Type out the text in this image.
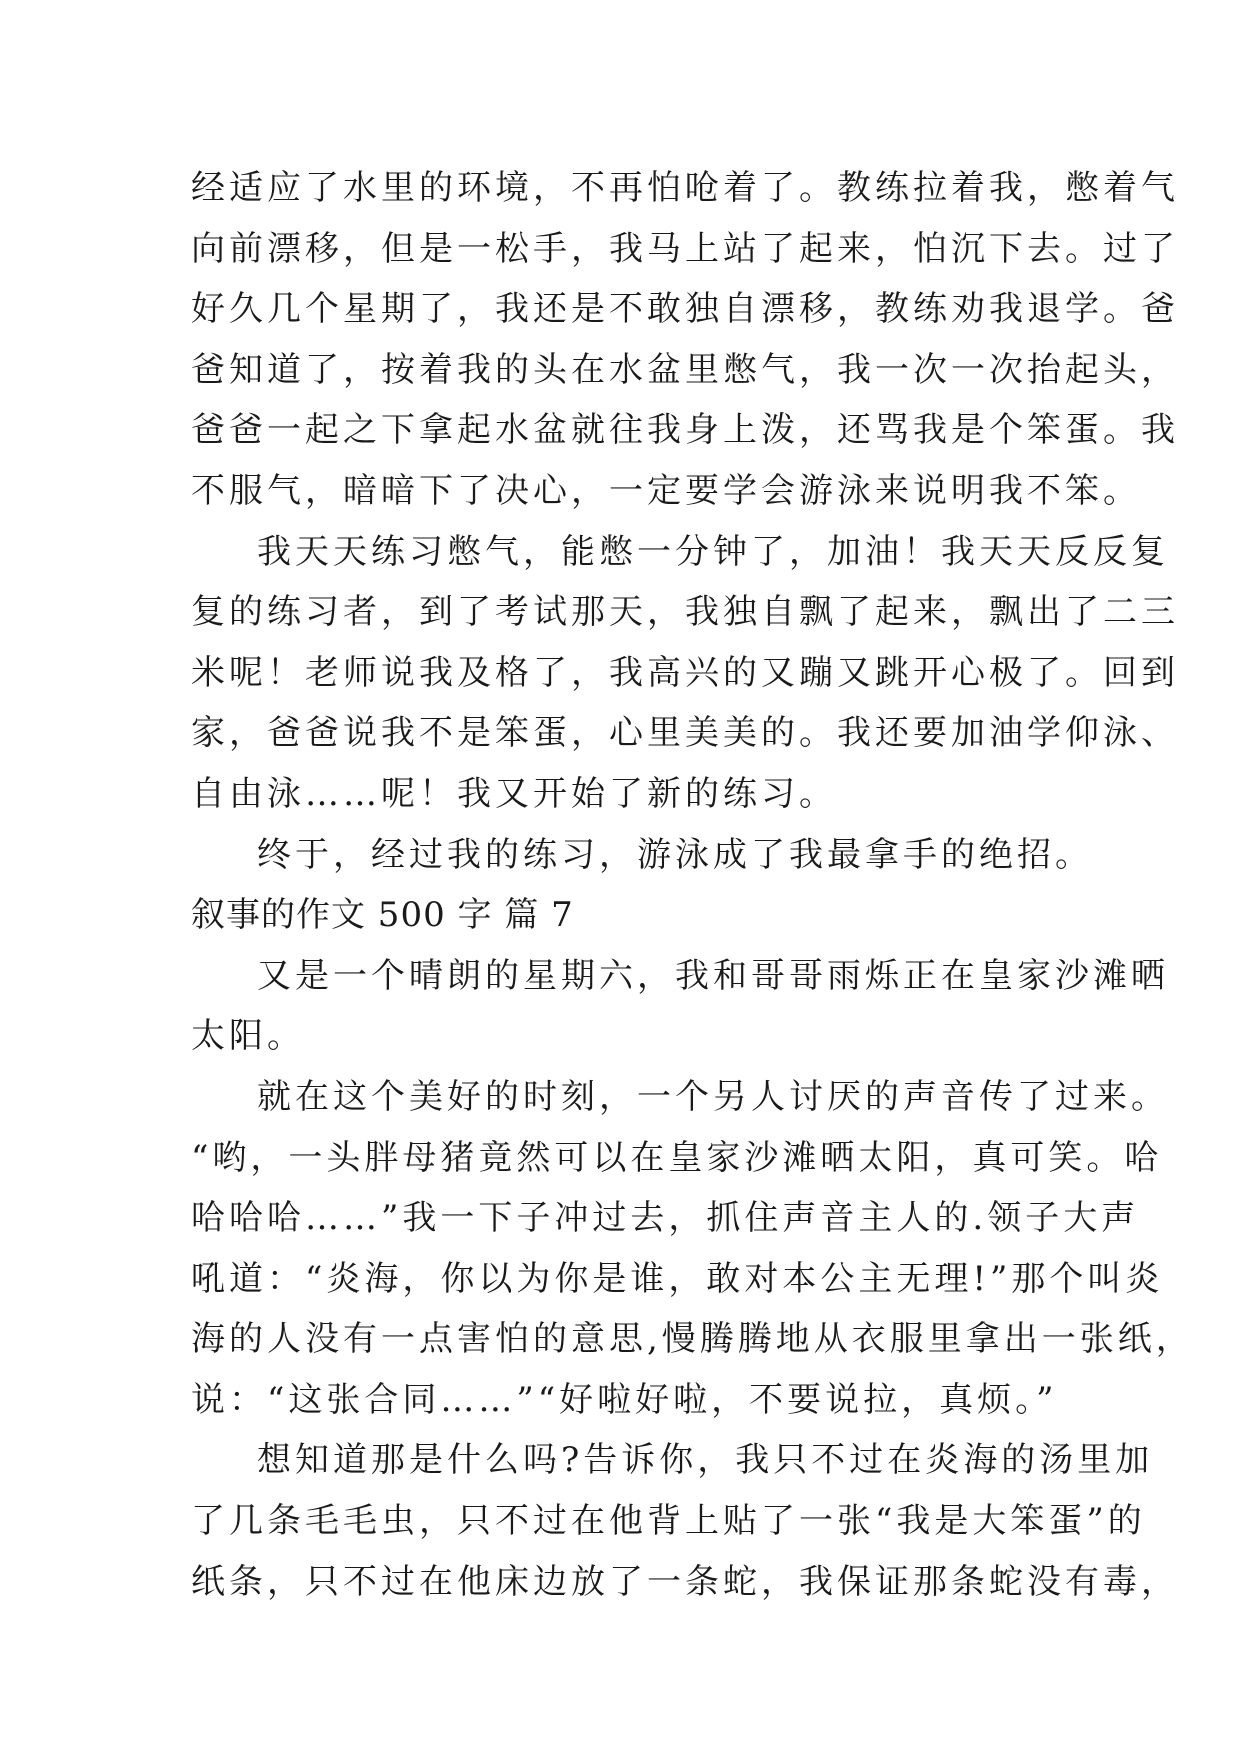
经适应了水里的环境，不再怕呛着了。教练拉着我，憋着气
向前漂移，但是一松手，我马上站了起来，怕沉下去。过了
好久几个星期了，我还是不敢独自漂移，教练劝我退学。爸
爸知道了，按着我的头在水盆里憋气，我一次一次抬起头，
爸爸一起之下拿起水盆就往我身上泼，还骂我是个笨蛋。我
不服气，暗暗下了决心，一定要学会游泳来说明我不笨。
我天天练习憋气，能憋一分钟了，加油！我天天反反复
复的练习者，到了考试那天，我独自飘了起来，飘出了二三
米呢！老师说我及格了，我高兴的又蹦又跳开心极了。回到
家，爸爸说我不是笨蛋，心里美美的。我还要加油学仰泳、
自由泳……呢！我又开始了新的练习。
终于，经过我的练习，游泳成了我最拿手的绝招。
叙事的作文 500 字 篇 7
又是一个晴朗的星期六，我和哥哥雨烁正在皇家沙滩晒
太阳。
就在这个美好的时刻，一个另人讨厌的声音传了过来。
“哟，一头胖母猪竟然可以在皇家沙滩晒太阳，真可笑。哈
哈哈哈……”我一下子冲过去，抓住声音主人的.领子大声
吼道：“炎海，你以为你是谁，敢对本公主无理!”那个叫炎
海的人没有一点害怕的意思,慢腾腾地从衣服里拿出一张纸，
说：“这张合同……”“好啦好啦，不要说拉，真烦。”
想知道那是什么吗?告诉你，我只不过在炎海的汤里加
了几条毛毛虫，只不过在他背上贴了一张“我是大笨蛋”的
纸条，只不过在他床边放了一条蛇，我保证那条蛇没有毒，
